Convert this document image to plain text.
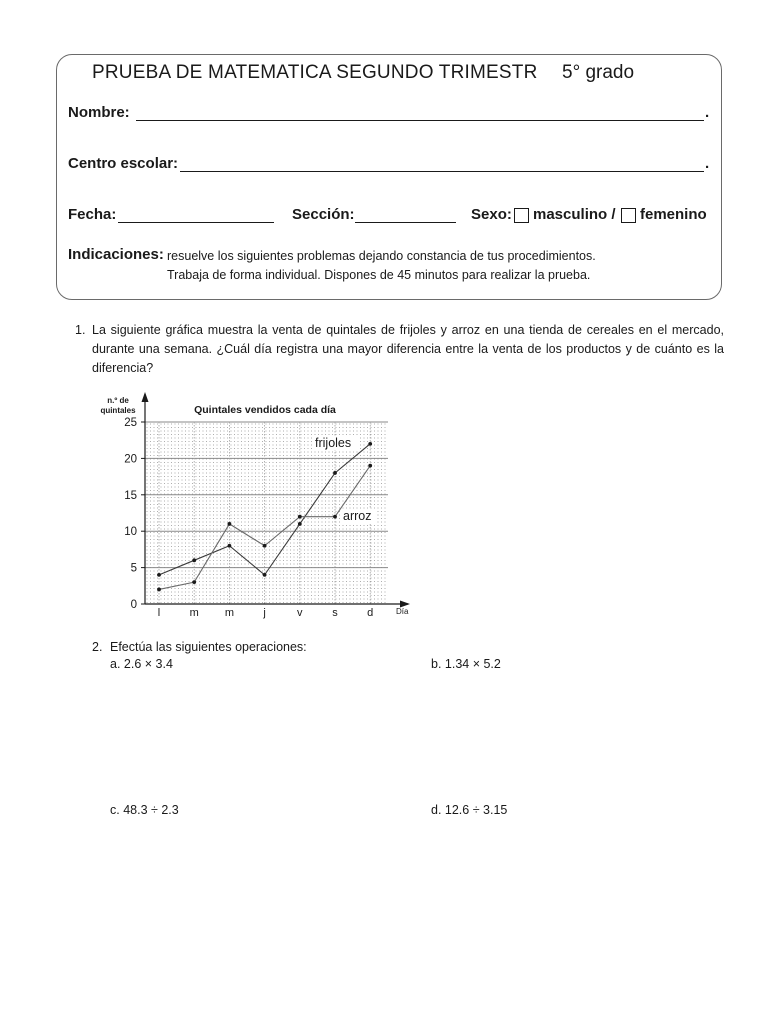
PRUEBA DE MATEMATICA SEGUNDO TRIMESTR 5° grado
Nombre:	.
Centro escolar:	.
Fecha:	Sección:	Sexo: masculino / femenino
Indicaciones: resuelve los siguientes problemas dejando constancia de tus procedimientos.
Trabaja de forma individual. Dispones de 45 minutos para realizar la prueba.
1. La siguiente gráfica muestra la venta de quintales de frijoles y arroz en una tienda de cereales en el mercado, durante una semana. ¿Cuál día registra una mayor diferencia entre la venta de los productos y de cuánto es la diferencia?
0
5
10
15
20
25
n.º de
quintales	Quintales vendidos cada día
Día
l	m m	j	v	s	d
frijoles
arroz
2. Efectúa las siguientes operaciones:
a. 2.6 × 3.4	b. 1.34 × 5.2
c. 48.3 ÷ 2.3	d. 12.6 ÷ 3.15
